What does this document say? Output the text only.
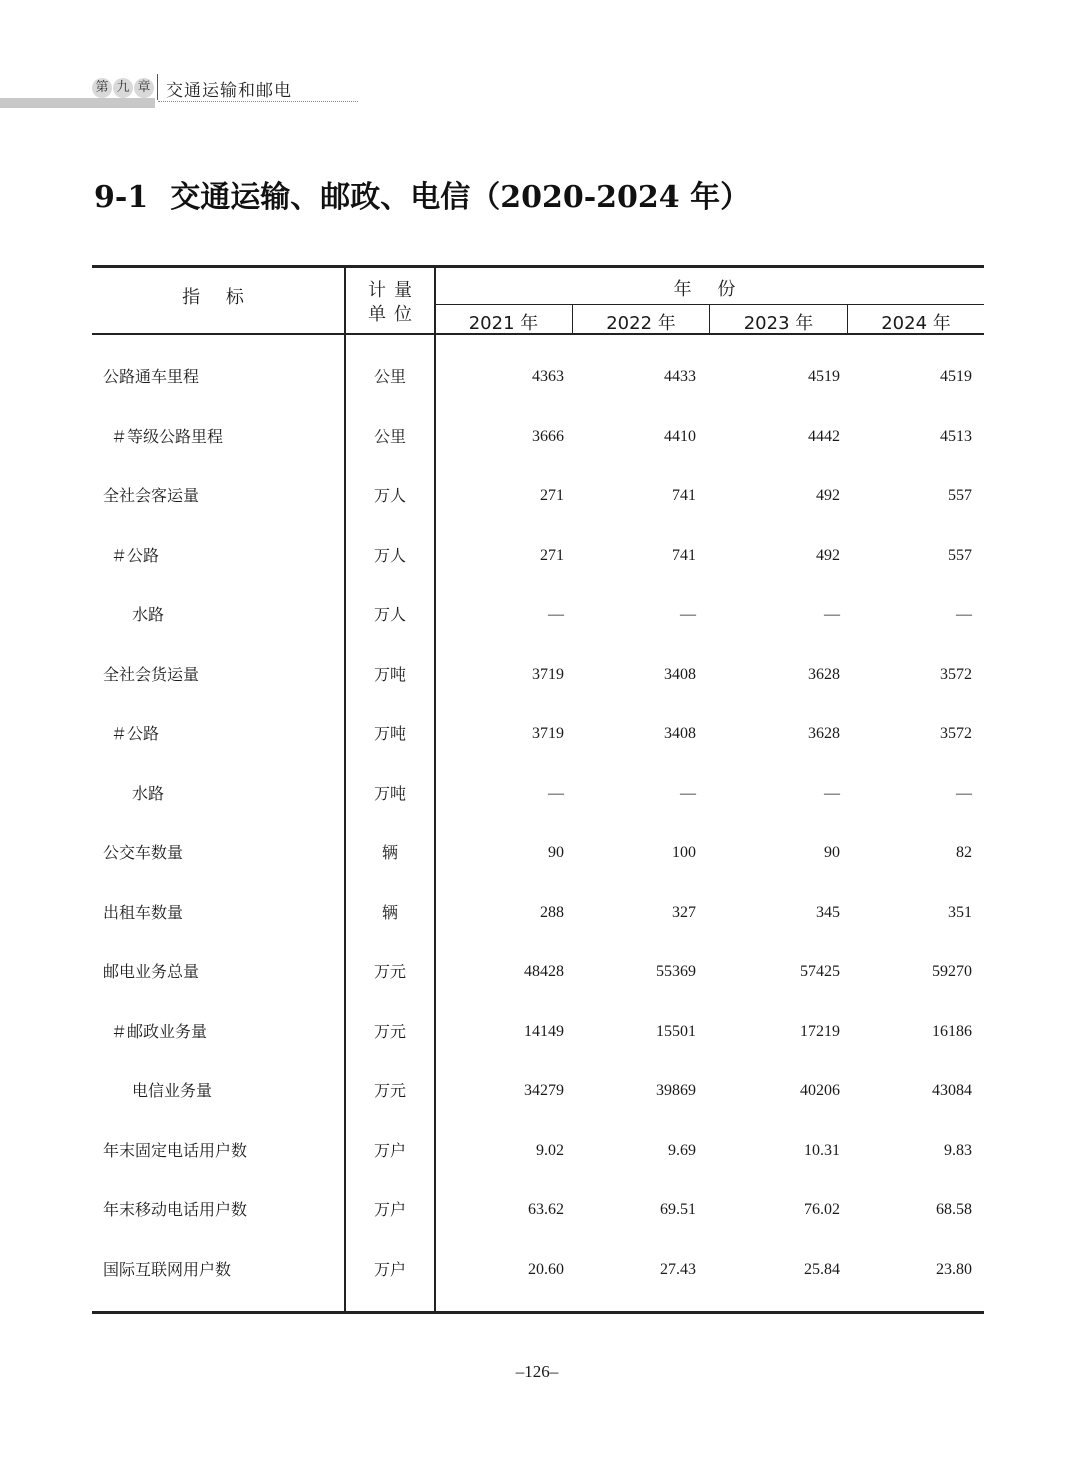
第 九 章 交通运输和邮电
9-1 交通运输、邮政、电信（2020-2024 年）
指 标	计量
单位
年 份
2021 年	2022 年	2023 年	2024 年
公路通车里程	公里	4363	4433	4519	4519
＃等级公路里程	公里	3666	4410	4442	4513
全社会客运量	万人	271	741	492	557
＃公路	万人	271	741	492	557
水路	万人	—	—	—	—
全社会货运量	万吨	3719	3408	3628	3572
＃公路	万吨	3719	3408	3628	3572
水路	万吨	—	—	—	—
公交车数量	辆	90	100	90	82
出租车数量	辆	288	327	345	351
邮电业务总量	万元	48428	55369	57425	59270
＃邮政业务量	万元	14149	15501	17219	16186
电信业务量	万元	34279	39869	40206	43084
年末固定电话用户数	万户	9.02	9.69	10.31	9.83
年末移动电话用户数	万户	63.62	69.51	76.02	68.58
国际互联网用户数	万户	20.60	27.43	25.84	23.80
–126–
